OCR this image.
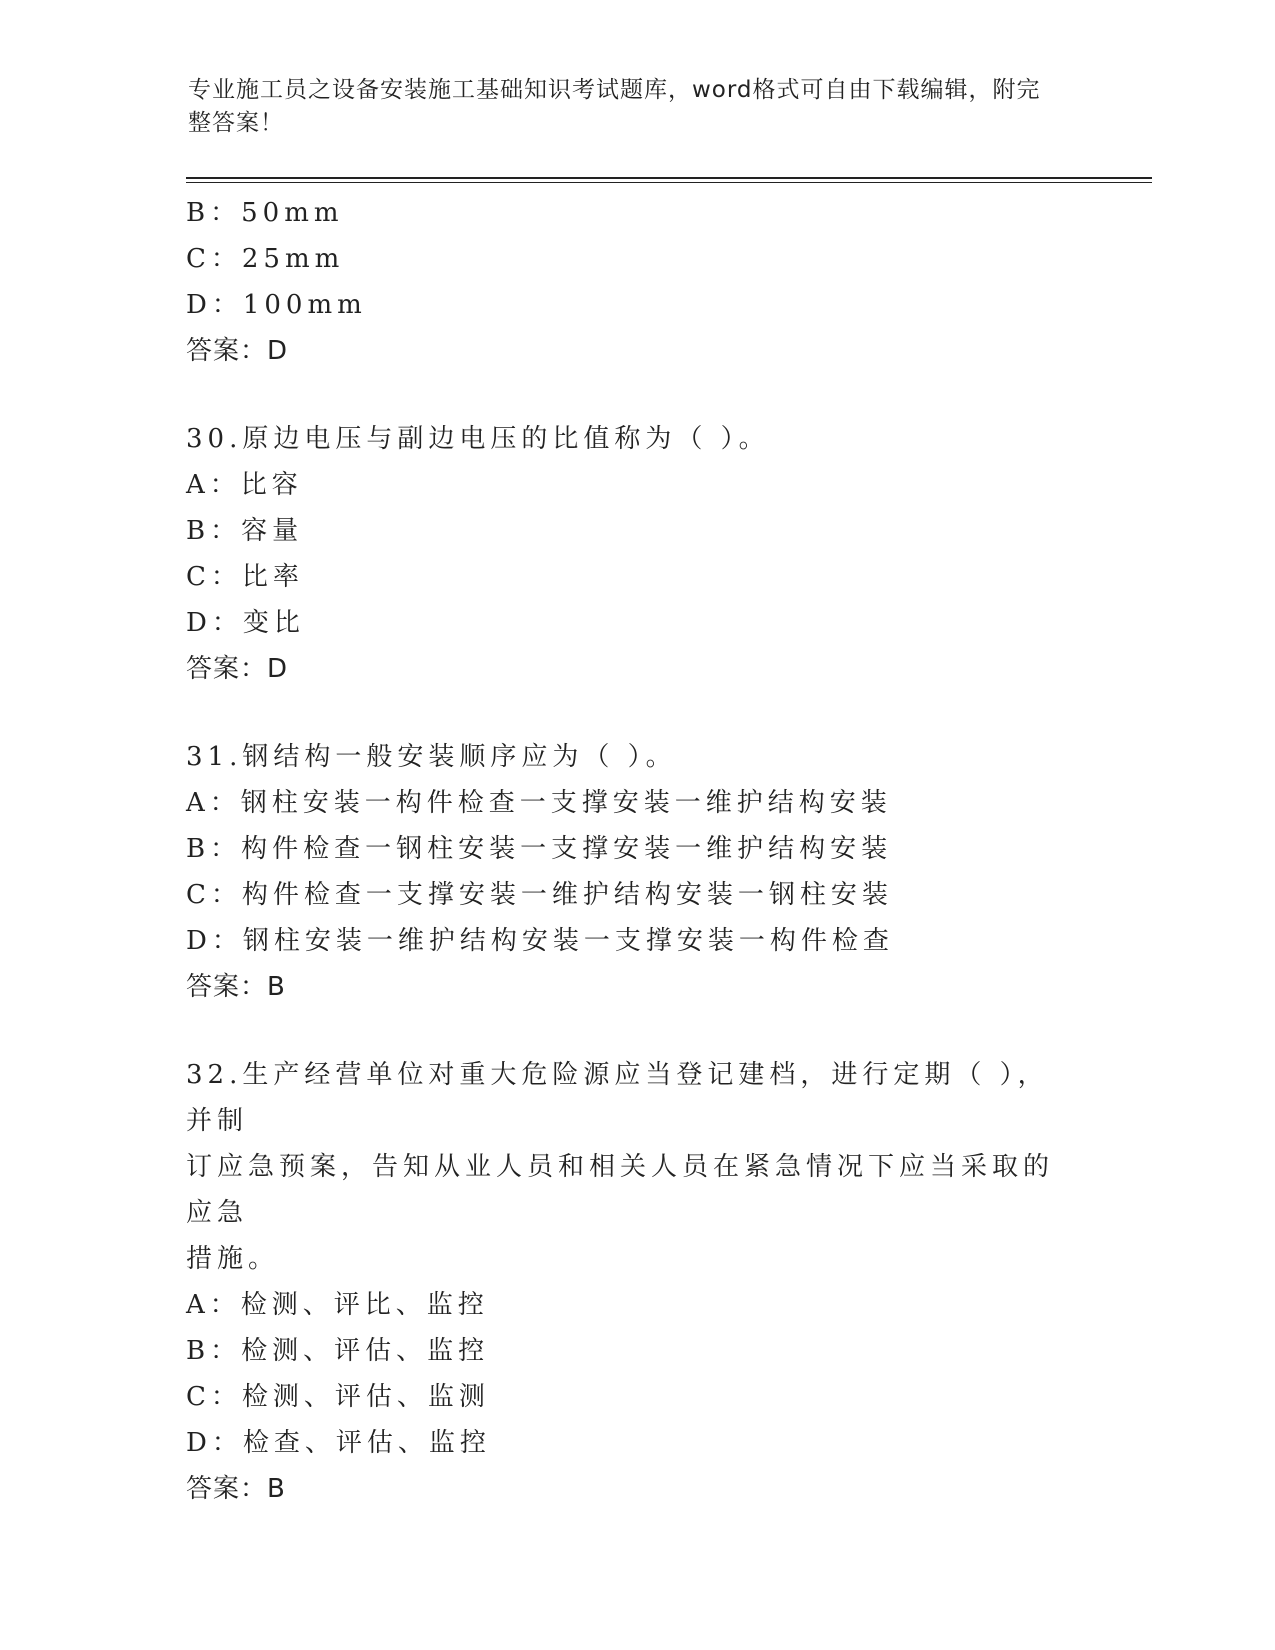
专业施工员之设备安装施工基础知识考试题库，word格式可自由下载编辑，附完
整答案！
B：50mm
C：25mm
D：100mm
答案：D
30.原边电压与副边电压的比值称为（ ）。
A：比容
B：容量
C：比率
D：变比
答案：D
31.钢结构一般安装顺序应为（ ）。
A：钢柱安装一构件检查一支撑安装一维护结构安装
B：构件检查一钢柱安装一支撑安装一维护结构安装
C：构件检查一支撑安装一维护结构安装一钢柱安装
D：钢柱安装一维护结构安装一支撑安装一构件检查
答案：B
32.生产经营单位对重大危险源应当登记建档，进行定期（ ），并制
订应急预案，告知从业人员和相关人员在紧急情况下应当采取的应急
措施。
A：检测、评比、监控
B：检测、评估、监控
C：检测、评估、监测
D：检查、评估、监控
答案：B
